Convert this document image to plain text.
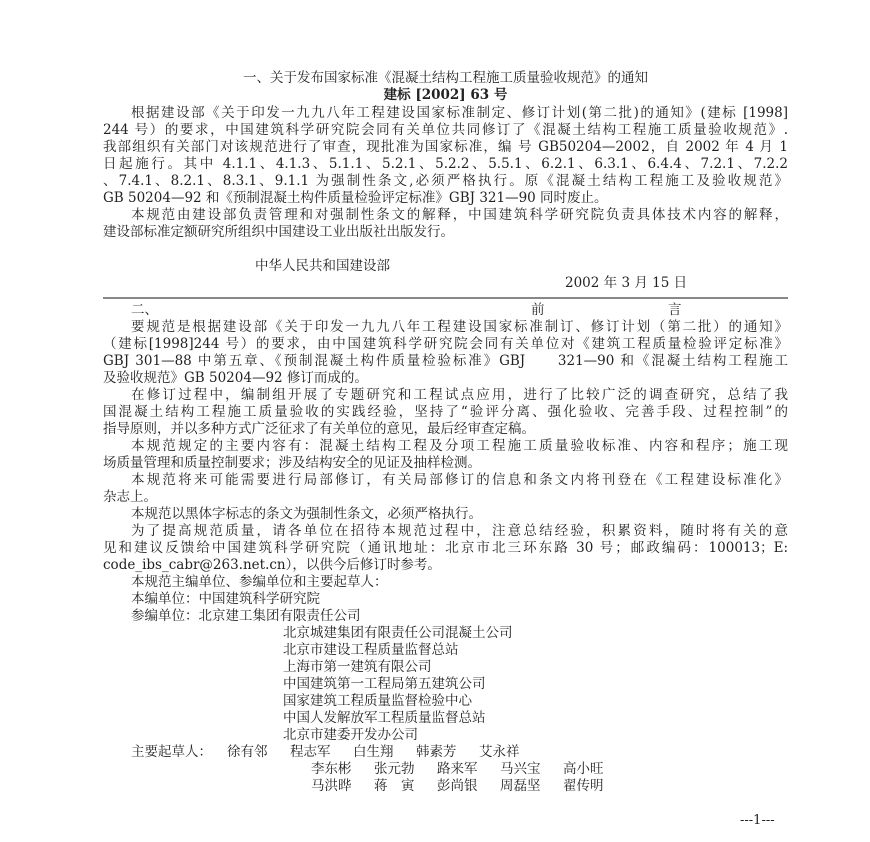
一、关于发布国家标准《混凝土结构工程施工质量验收规范》的通知
建标 [2002] 63 号
根据建设部《关于印发一九九八年工程建设国家标准制定、修订计划(第二批)的通知》(建标 [1998]
244 号）的要求，中国建筑科学研究院会同有关单位共同修订了《混凝土结构工程施工质量验收规范》.
我部组织有关部门对该规范进行了审查，现批准为国家标准，编 号 GB50204—2002，自 2002 年 4 月 1
日起施行。其中 4.1.1、4.1.3、5.1.1、5.2.1、5.2.2、5.5.1、6.2.1、6.3.1、6.4.4、7.2.1、7.2.2
、7.4.1、8.2.1、8.3.1、9.1.1 为强制性条文,必须严格执行。原《混凝土结构工程施工及验收规范》
GB 50204—92 和《预制混凝土构件质量检验评定标准》GBJ 321—90 同时废止。
本规范由建设部负责管理和对强制性条文的解释，中国建筑科学研究院负责具体技术内容的解释，
建设部标准定额研究所组织中国建设工业出版社出版发行。
中华人民共和国建设部
2002 年 3 月 15 日
二、	前	言
要规范是根据建设部《关于印发一九九八年工程建设国家标准制订、修订计划（第二批）的通知》
（建标[1998]244 号）的要求，由中国建筑科学研究院会同有关单位对《建筑工程质量检验评定标准》
GBJ 301—88 中第五章、《预制混凝土构件质量检验标准》GBJ　　321—90 和《混凝土结构工程施工
及验收规范》GB 50204—92 修订而成的。
在修订过程中，编制组开展了专题研究和工程试点应用，进行了比较广泛的调查研究，总结了我
国混凝土结构工程施工质量验收的实践经验，坚持了“验评分离、强化验收、完善手段、过程控制”的
指导原则，并以多种方式广泛征求了有关单位的意见，最后经审查定稿。
本规范规定的主要内容有：混凝土结构工程及分项工程施工质量验收标准、内容和程序；施工现
场质量管理和质量控制要求；涉及结构安全的见证及抽样检测。
本规范将来可能需要进行局部修订，有关局部修订的信息和条文内将刊登在《工程建设标准化》
杂志上。
本规范以黑体字标志的条文为强制性条文，必须严格执行。
为了提高规范质量，请各单位在招待本规范过程中，注意总结经验，积累资料，随时将有关的意
见和建议反馈给中国建筑科学研究院（通讯地址：北京市北三环东路 30 号；邮政编码：100013；E:
code_ibs_cabr@263.net.cn），以供今后修订时参考。
本规范主编单位、参编单位和主要起草人：
本编单位：中国建筑科学研究院
参编单位：北京建工集团有限责任公司
北京城建集团有限责任公司混凝土公司
北京市建设工程质量监督总站
上海市第一建筑有限公司
中国建筑第一工程局第五建筑公司
国家建筑工程质量监督检验中心
中国人发解放军工程质量监督总站
北京市建委开发办公司
主要起草人：	徐有邻	程志军	白生翔	韩素芳	艾永祥
李东彬	张元勃	路来军	马兴宝	高小旺
马洪晔	蒋　寅	彭尚银	周磊坚	翟传明
---1---
